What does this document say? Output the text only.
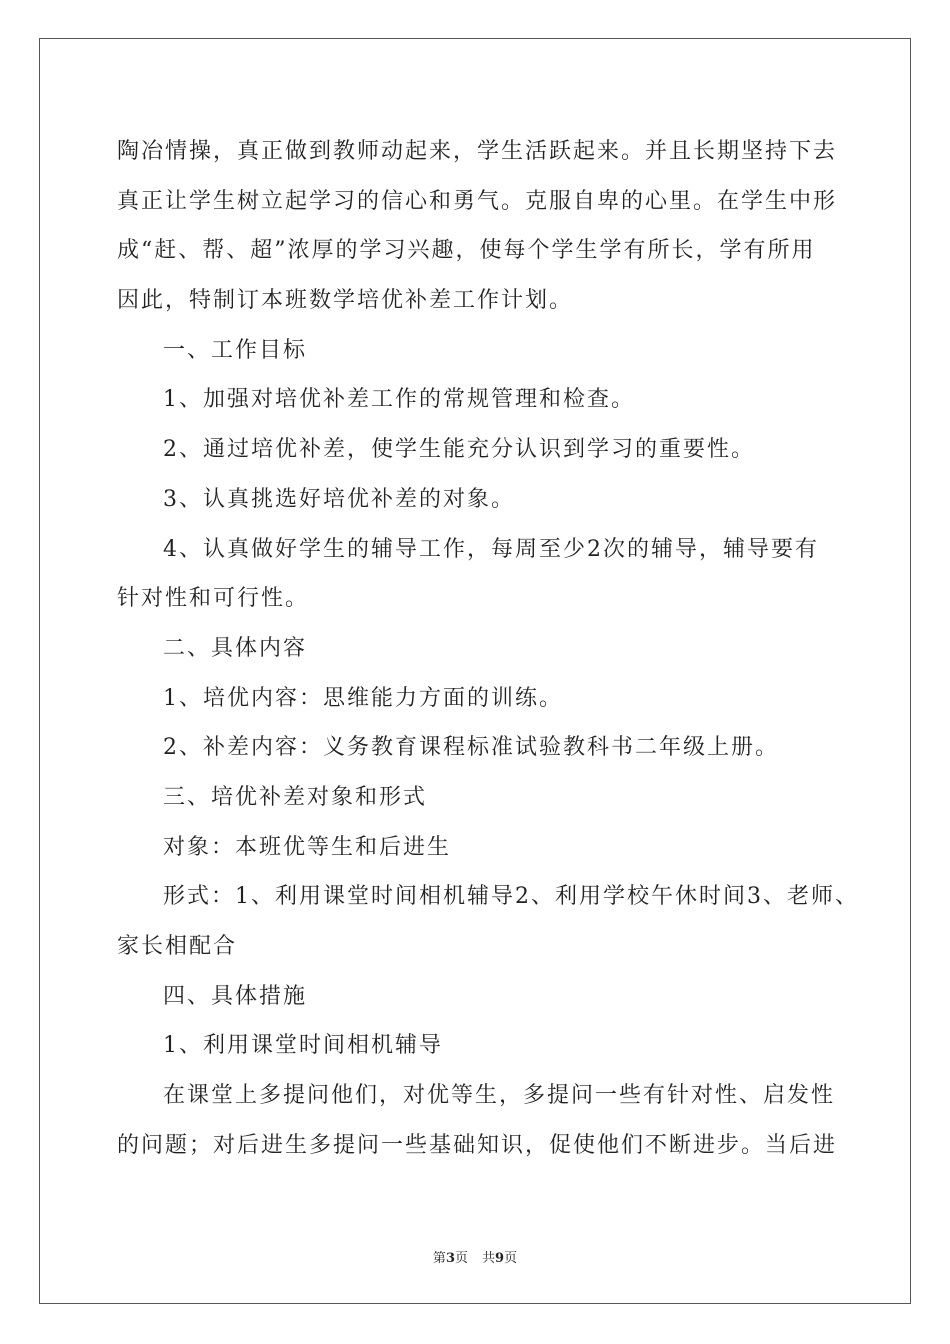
陶冶情操，真正做到教师动起来，学生活跃起来。并且长期坚持下去
真正让学生树立起学习的信心和勇气。克服自卑的心里。在学生中形
成“赶、帮、超”浓厚的学习兴趣，使每个学生学有所长，学有所用
因此，特制订本班数学培优补差工作计划。
一、工作目标
1、加强对培优补差工作的常规管理和检查。
2、通过培优补差，使学生能充分认识到学习的重要性。
3、认真挑选好培优补差的对象。
4、认真做好学生的辅导工作，每周至少2次的辅导，辅导要有
针对性和可行性。
二、具体内容
1、培优内容：思维能力方面的训练。
2、补差内容：义务教育课程标准试验教科书二年级上册。
三、培优补差对象和形式
对象：本班优等生和后进生
形式：1、利用课堂时间相机辅导2、利用学校午休时间3、老师、
家长相配合
四、具体措施
1、利用课堂时间相机辅导
在课堂上多提问他们，对优等生，多提问一些有针对性、启发性
的问题；对后进生多提问一些基础知识，促使他们不断进步。当后进
第3页 共9页
